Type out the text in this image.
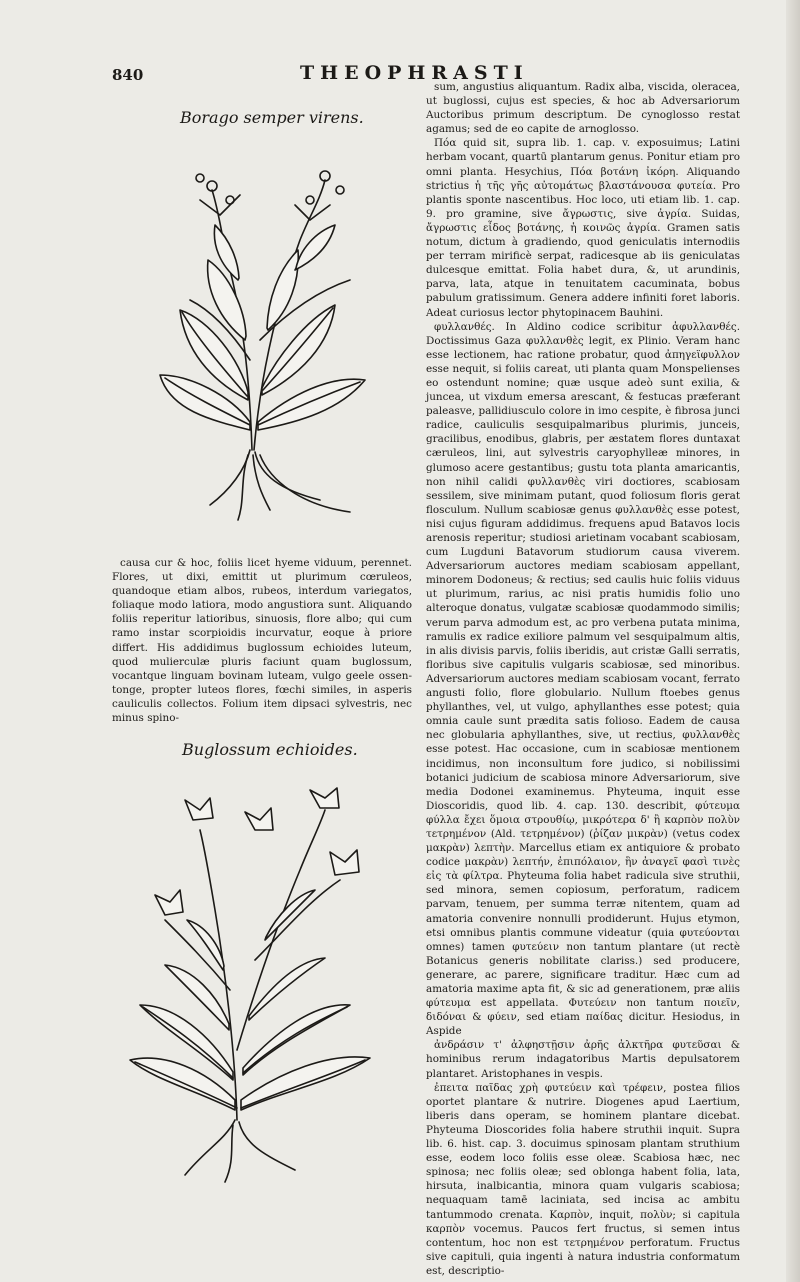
840	THEOPHRASTI
Borago semper virens.

causa cur & hoc, foliis licet hyeme viduum, perennet. Flores, ut dixi, emittit ut plurimum cœruleos, quandoque etiam albos, rubeos, interdum variegatos, foliaque modo latiora, modo angustiora sunt. Aliquando foliis reperitur latioribus, sinuosis, flore albo; qui cum ramo instar scorpioidis incurvatur, eoque à priore differt. His addidimus buglossum echioides luteum, quod mulierculæ pluris faciunt quam buglossum, vocantque linguam bovinam luteam, vulgo geele ossen-tonge, propter luteos flores, fœchi similes, in asperis cauliculis collectos. Folium item dipsaci sylvestris, nec minus spino-

Buglossum echioides.

sum, angustius aliquantum. Radix alba, viscida, oleracea, ut buglossi, cujus est species, & hoc ab Adversariorum Auctoribus primum descriptum. De cynoglosso restat agamus; sed de eo capite de arnoglosso.

Πόα quid sit, supra lib. 1. cap. v. exposuimus; Latini herbam vocant, quartū plantarum genus. Ponitur etiam pro omni planta. Hesychius, Πόα βοτάνη ἰκόρη. Aliquando strictius ἡ τῆς γῆς αὐτομάτως βλαστάνουσα φυτεία. Pro plantis sponte nascentibus. Hoc loco, uti etiam lib. 1. cap. 9. pro gramine, sive ἄγρωστις, sive ἀγρία. Suidas, ἄγρωστις εἶδος βοτάνης, ἡ κοινῶς ἀγρία. Gramen satis notum, dictum à gradiendo, quod geniculatis internodiis per terram mirificè serpat, radicesque ab iis geniculatas dulcesque emittat. Folia habet dura, &, ut arundinis, parva, lata, atque in tenuitatem cacuminata, bobus pabulum gratissimum. Genera addere infiniti foret laboris. Adeat curiosus lector phytopinacem Bauhini.

φυλλανθές. In Aldino codice scribitur ἀφυλλανθές. Doctissimus Gaza φυλλανθὲς legit, ex Plinio. Veram hanc esse lectionem, hac ratione probatur, quod ἀπηγεϊφυλλον esse nequit, si foliis careat, uti planta quam Monspelienses eo ostendunt nomine; quæ usque adeò sunt exilia, & juncea, ut vixdum emersa arescant, & festucas præferant paleasve, pallidiusculo colore in imo cespite, è fibrosa junci radice, cauliculis sesquipalmaribus plurimis, junceis, gracilibus, enodibus, glabris, per æstatem flores duntaxat cæruleos, lini, aut sylvestris caryophylleæ minores, in glumoso acere gestantibus; gustu tota planta amaricantis, non nihil calidi φυλλανθὲς viri doctiores, scabiosam sessilem, sive minimam putant, quod foliosum floris gerat flosculum. Nullum scabiosæ genus φυλλανθὲς esse potest, nisi cujus figuram addidimus. frequens apud Batavos locis arenosis reperitur; studiosi arietinam vocabant scabiosam, cum Lugduni Batavorum studiorum causa viverem. Adversariorum auctores mediam scabiosam appellant, minorem Dodoneus; & rectius; sed caulis huic foliis viduus ut plurimum, rarius, ac nisi pratis humidis folio uno alteroque donatus, vulgatæ scabiosæ quodammodo similis; verum parva admodum est, ac pro verbena putata minima, ramulis ex radice exiliore palmum vel sesquipalmum altis, in alis divisis parvis, foliis iberidis, aut cristæ Galli serratis, floribus sive capitulis vulgaris scabiosæ, sed minoribus. Adversariorum auctores mediam scabiosam vocant, ferrato angusti folio, flore globulario. Nullum ftoebes genus phyllanthes, vel, ut vulgo, aphyllanthes esse potest; quia omnia caule sunt prædita satis folioso. Eadem de causa nec globularia aphyllanthes, sive, ut rectius, φυλλανθὲς esse potest. Hac occasione, cum in scabiosæ mentionem incidimus, non inconsultum fore judico, si nobilissimi botanici judicium de scabiosa minore Adversariorum, sive media Dodonei examinemus. Phyteuma, inquit esse Dioscoridis, quod lib. 4. cap. 130. describit, φύτευμα φύλλα ἔχει ὅμοια στρουθίῳ, μικρότερα δ' ἢ καρπὸν πολὺν τετρημένον (Ald. τετρημένον) (ῥίζαν μικρὰν) (vetus codex μακρὰν) λεπτὴν. Marcellus etiam ex antiquiore & probato codice μακρὰν) λεπτήν, ἐπιπόλαιον, ἣν ἀναγεῖ φασὶ τινὲς εἰς τὰ φίλτρα. Phyteuma folia habet radicula sive struthii, sed minora, semen copiosum, perforatum, radicem parvam, tenuem, per summa terræ nitentem, quam ad amatoria convenire nonnulli prodiderunt. Hujus etymon, etsi omnibus plantis commune videatur (quia φυτεύονται omnes) tamen φυτεύειν non tantum plantare (ut rectè Botanicus generis nobilitate clariss.) sed producere, generare, ac parere, significare traditur. Hæc cum ad amatoria maxime apta fit, & sic ad generationem, præ aliis φύτευμα est appellata. Φυτεύειν non tantum ποιεῖν, διδόναι & φύειν, sed etiam παίδας dicitur. Hesiodus, in Aspide

ἀνδράσιν τ' ἀλφηστῇσιν ἀρῆς ἀλκτῆρα φυτεῦσαι & hominibus rerum indagatoribus Martis depulsatorem plantaret. Aristophanes in vespis.

ἐπειτα παῖδας χρὴ φυτεύειν καὶ τρέφειν, postea filios oportet plantare & nutrire. Diogenes apud Laertium, liberis dans operam, se hominem plantare dicebat. Phyteuma Dioscorides folia habere struthii inquit. Supra lib. 6. hist. cap. 3. docuimus spinosam plantam struthium esse, eodem loco foliis esse oleæ. Scabiosa hæc, nec spinosa; nec foliis oleæ; sed oblonga habent folia, lata, hirsuta, inalbicantia, minora quam vulgaris scabiosa; nequaquam tamē laciniata, sed incisa ac ambitu tantummodo crenata. Καρπὸν, inquit, πολὺν; si capitula καρπὸν vocemus. Paucos fert fructus, si semen intus contentum, hoc non est τετρημένον perforatum. Fructus sive capituli, quia ingenti à natura industria conformatum est, descriptio-
